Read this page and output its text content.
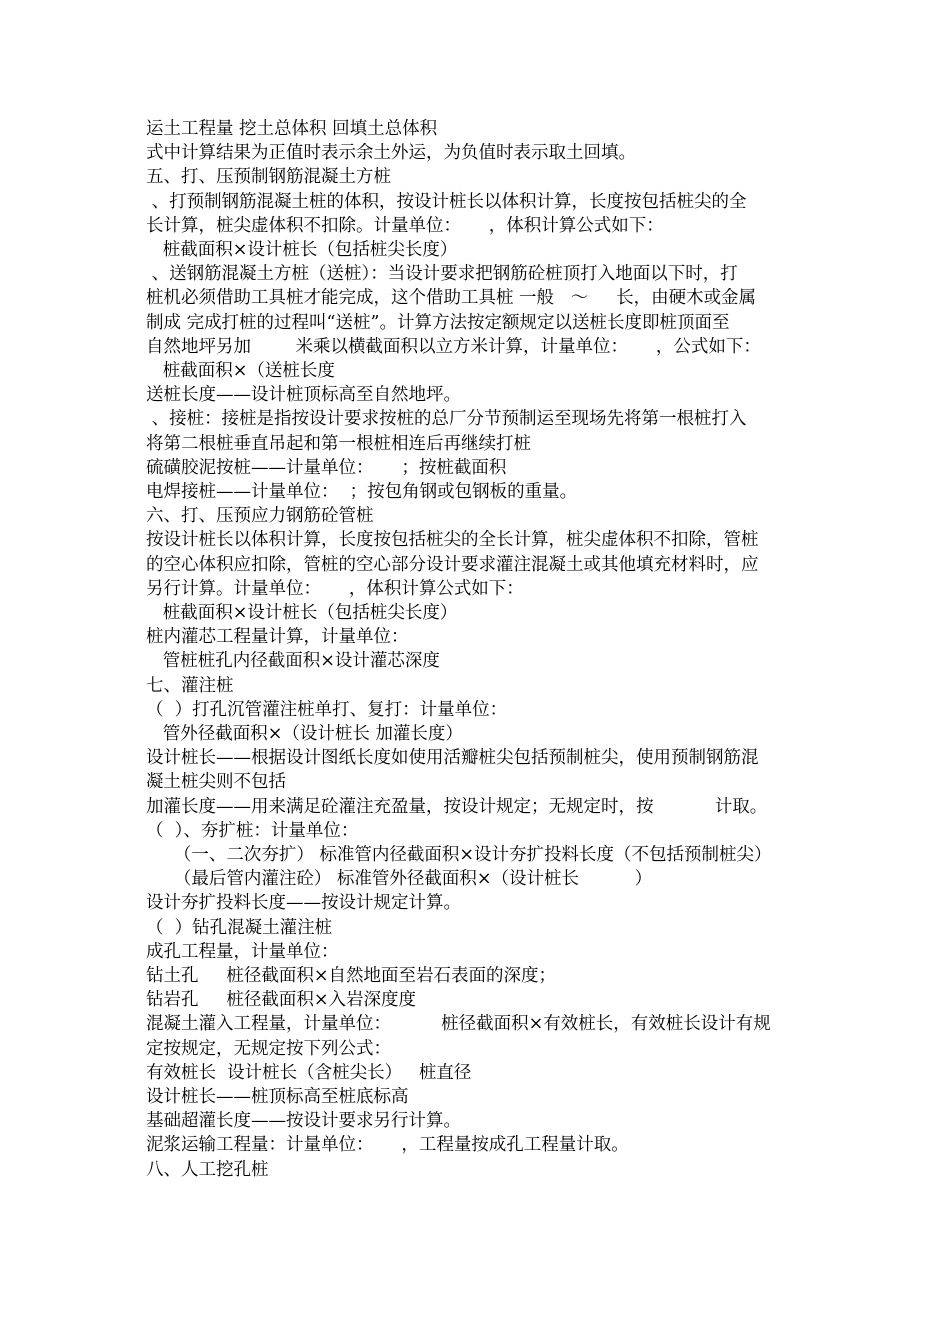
运土工程量 挖土总体积 回填土总体积

式中计算结果为正值时表示余土外运，为负值时表示取土回填。

五、打、压预制钢筋混凝土方桩

、打预制钢筋混凝土桩的体积，按设计桩长以体积计算，长度按包括桩尖的全

长计算，桩尖虚体积不扣除。计量单位：     ，体积计算公式如下：

桩截面积×设计桩长（包括桩尖长度）

、送钢筋混凝土方桩（送桩）：当设计要求把钢筋砼桩顶打入地面以下时，打

桩机必须借助工具桩才能完成，这个借助工具桩 一般   ～     长，由硬木或金属

制成 完成打桩的过程叫“送桩”。计算方法按定额规定以送桩长度即桩顶面至

自然地坪另加        米乘以横截面积以立方米计算，计量单位：     ，公式如下：

桩截面积×（送桩长度

送桩长度——设计桩顶标高至自然地坪。

、接桩：接桩是指按设计要求按桩的总厂分节预制运至现场先将第一根桩打入

将第二根桩垂直吊起和第一根桩相连后再继续打桩

硫磺胶泥按桩——计量单位：     ；按桩截面积

电焊接桩——计量单位：  ；按包角钢或包钢板的重量。

六、打、压预应力钢筋砼管桩

按设计桩长以体积计算，长度按包括桩尖的全长计算，桩尖虚体积不扣除，管桩

的空心体积应扣除，管桩的空心部分设计要求灌注混凝土或其他填充材料时，应

另行计算。计量单位：     ，体积计算公式如下：

桩截面积×设计桩长（包括桩尖长度）

桩内灌芯工程量计算，计量单位：

管桩桩孔内径截面积×设计灌芯深度

七、灌注桩

（  ）打孔沉管灌注桩单打、复打：计量单位：

管外径截面积×（设计桩长 加灌长度）

设计桩长——根据设计图纸长度如使用活瓣桩尖包括预制桩尖，使用预制钢筋混

凝土桩尖则不包括

加灌长度——用来满足砼灌注充盈量，按设计规定；无规定时，按           计取。

（  ）、夯扩桩：计量单位：

（一、二次夯扩） 标准管内径截面积×设计夯扩投料长度（不包括预制桩尖）

（最后管内灌注砼） 标准管外径截面积×（设计桩长          ）

设计夯扩投料长度——按设计规定计算。

（  ）钻孔混凝土灌注桩

成孔工程量，计量单位：

钻土孔     桩径截面积×自然地面至岩石表面的深度；

钻岩孔     桩径截面积×入岩深度度

混凝土灌入工程量，计量单位：         桩径截面积×有效桩长，有效桩长设计有规

定按规定，无规定按下列公式：

有效桩长  设计桩长（含桩尖长）   桩直径

设计桩长——桩顶标高至桩底标高

基础超灌长度——按设计要求另行计算。

泥浆运输工程量：计量单位：     ，工程量按成孔工程量计取。

八、人工挖孔桩
